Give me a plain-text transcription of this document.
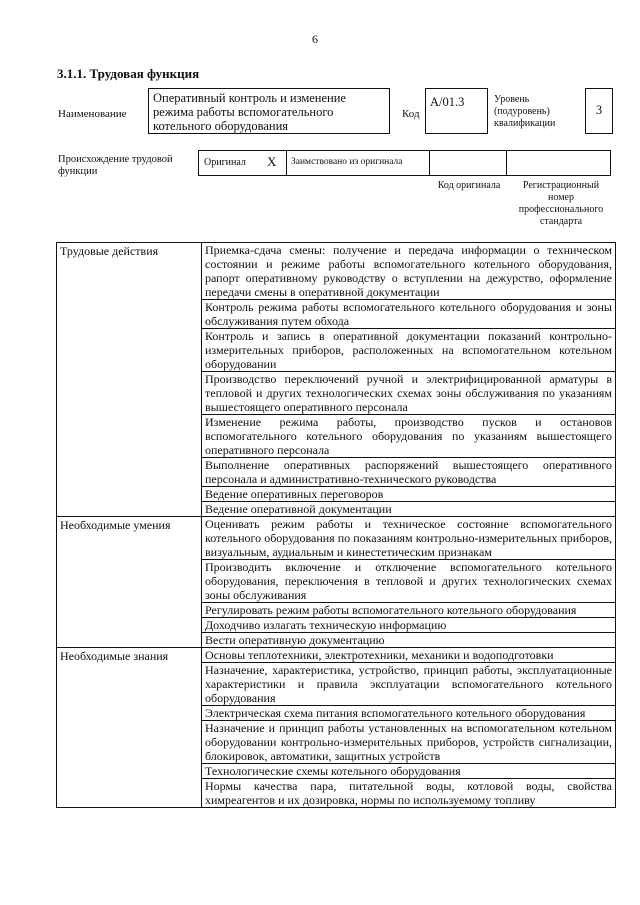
6
3.1.1. Трудовая функция
Наименование
Оперативный контроль и изменение режима работы вспомогательного котельного оборудования
Код
A/01.3	Уровень (подуровень) квалификации
3
Происхождение трудовой функции
Оригинал X	Заимствовано из оригинала
Код оригинала	Регистрационный номер профессионального стандарта
Трудовые действия	Приемка-сдача смены: получение и передача информации о техническом состоянии и режиме работы вспомогательного котельного оборудования, рапорт оперативному руководству о вступлении на дежурство, оформление передачи смены в оперативной документации
	Контроль режима работы вспомогательного котельного оборудования и зоны обслуживания путем обхода
	Контроль и запись в оперативной документации показаний контрольно-измерительных приборов, расположенных на вспомогательном котельном оборудовании
	Производство переключений ручной и электрифицированной арматуры в тепловой и других технологических схемах зоны обслуживания по указаниям вышестоящего оперативного персонала
	Изменение режима работы, производство пусков и остановов вспомогательного котельного оборудования по указаниям вышестоящего оперативного персонала
	Выполнение оперативных распоряжений вышестоящего оперативного персонала и административно-технического руководства
	Ведение оперативных переговоров
	Ведение оперативной документации
Необходимые умения	Оценивать режим работы и техническое состояние вспомогательного котельного оборудования по показаниям контрольно-измерительных приборов, визуальным, аудиальным и кинестетическим признакам
	Производить включение и отключение вспомогательного котельного оборудования, переключения в тепловой и других технологических схемах зоны обслуживания
	Регулировать режим работы вспомогательного котельного оборудования
	Доходчиво излагать техническую информацию
	Вести оперативную документацию
Необходимые знания	Основы теплотехники, электротехники, механики и водоподготовки
	Назначение, характеристика, устройство, принцип работы, эксплуатационные характеристики и правила эксплуатации вспомогательного котельного оборудования
	Электрическая схема питания вспомогательного котельного оборудования
	Назначение и принцип работы установленных на вспомогательном котельном оборудовании контрольно-измерительных приборов, устройств сигнализации, блокировок, автоматики, защитных устройств
	Технологические схемы котельного оборудования
	Нормы качества пара, питательной воды, котловой воды, свойства химреагентов и их дозировка, нормы по используемому топливу
